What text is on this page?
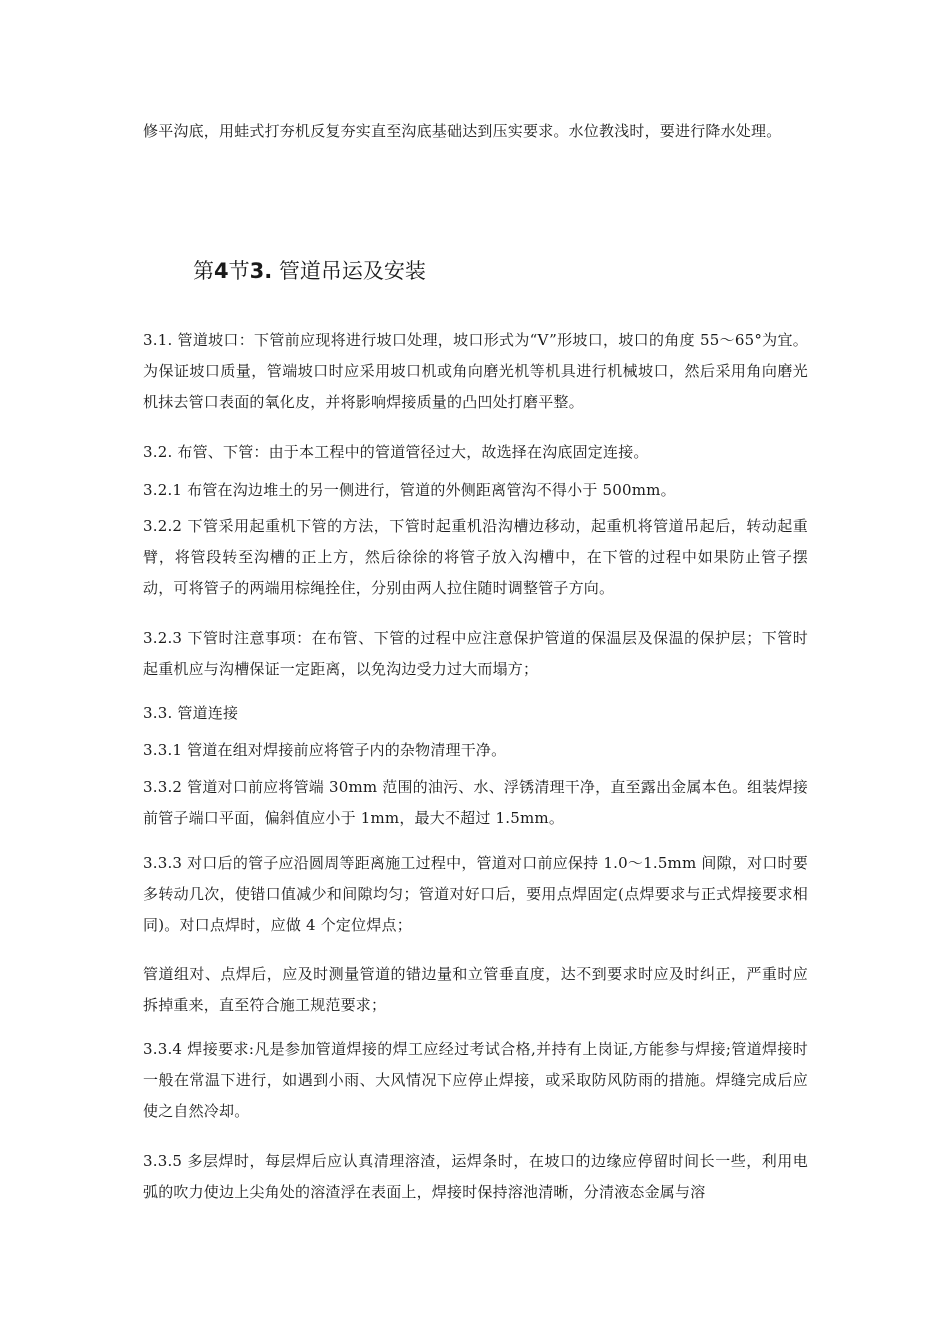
修平沟底，用蛙式打夯机反复夯实直至沟底基础达到压实要求。水位教浅时，要进行降水处理。

第4节3. 管道吊运及安装

3.1. 管道坡口：下管前应现将进行坡口处理，坡口形式为“V”形坡口，坡口的角度 55～65°为宜。为保证坡口质量，管端坡口时应采用坡口机或角向磨光机等机具进行机械坡口，然后采用角向磨光机抹去管口表面的氧化皮，并将影响焊接质量的凸凹处打磨平整。

3.2. 布管、下管：由于本工程中的管道管径过大，故选择在沟底固定连接。

3.2.1 布管在沟边堆土的另一侧进行，管道的外侧距离管沟不得小于 500mm。

3.2.2 下管采用起重机下管的方法，下管时起重机沿沟槽边移动，起重机将管道吊起后，转动起重臂，将管段转至沟槽的正上方，然后徐徐的将管子放入沟槽中，在下管的过程中如果防止管子摆动，可将管子的两端用棕绳拴住，分别由两人拉住随时调整管子方向。

3.2.3 下管时注意事项：在布管、下管的过程中应注意保护管道的保温层及保温的保护层；下管时起重机应与沟槽保证一定距离，以免沟边受力过大而塌方；

3.3. 管道连接

3.3.1 管道在组对焊接前应将管子内的杂物清理干净。

3.3.2 管道对口前应将管端 30mm 范围的油污、水、浮锈清理干净，直至露出金属本色。组装焊接前管子端口平面，偏斜值应小于 1mm，最大不超过 1.5mm。

3.3.3 对口后的管子应沿圆周等距离施工过程中，管道对口前应保持 1.0～1.5mm 间隙，对口时要多转动几次，使错口值减少和间隙均匀；管道对好口后，要用点焊固定(点焊要求与正式焊接要求相同)。对口点焊时，应做 4 个定位焊点；

管道组对、点焊后，应及时测量管道的错边量和立管垂直度，达不到要求时应及时纠正，严重时应拆掉重来，直至符合施工规范要求；

3.3.4 焊接要求:凡是参加管道焊接的焊工应经过考试合格,并持有上岗证,方能参与焊接;管道焊接时一般在常温下进行，如遇到小雨、大风情况下应停止焊接，或采取防风防雨的措施。焊缝完成后应使之自然冷却。

3.3.5 多层焊时，每层焊后应认真清理溶渣，运焊条时，在坡口的边缘应停留时间长一些，利用电弧的吹力使边上尖角处的溶渣浮在表面上，焊接时保持溶池清晰，分清液态金属与溶
